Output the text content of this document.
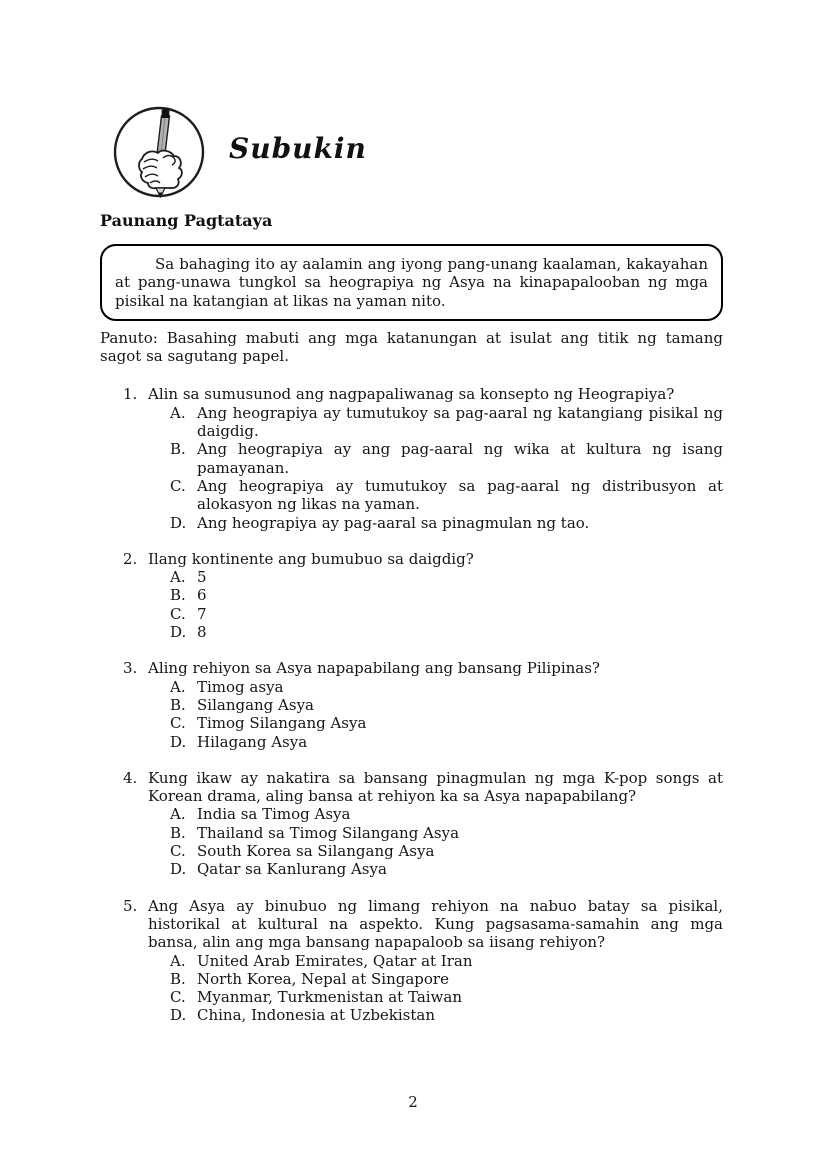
Subukin
Paunang Pagtataya

Sa bahaging ito ay aalamin ang iyong pang-unang kaalaman, kakayahan at pang-unawa tungkol sa heograpiya ng Asya na kinapapalooban ng mga pisikal na katangian at likas na yaman nito.

Panuto: Basahing mabuti ang mga katanungan at isulat ang titik ng tamang sagot sa sagutang papel.

1. Alin sa sumusunod ang nagpapaliwanag sa konsepto ng Heograpiya?
A. Ang heograpiya ay tumutukoy sa pag-aaral ng katangiang pisikal ng daigdig.
B. Ang heograpiya ay ang pag-aaral ng wika at kultura ng isang pamayanan.
C. Ang heograpiya ay tumutukoy sa pag-aaral ng distribusyon at alokasyon ng likas na yaman.
D. Ang heograpiya ay pag-aaral sa pinagmulan ng tao.
2. Ilang kontinente ang bumubuo sa daigdig?
A. 5
B. 6
C. 7
D. 8
3. Aling rehiyon sa Asya napapabilang ang bansang Pilipinas?
A. Timog asya
B. Silangang Asya
C. Timog Silangang Asya
D. Hilagang Asya
4. Kung ikaw ay nakatira sa bansang pinagmulan ng mga K-pop songs at Korean drama, aling bansa at rehiyon ka sa Asya napapabilang?
A. India sa Timog Asya
B. Thailand sa Timog Silangang Asya
C. South Korea sa Silangang Asya
D. Qatar sa Kanlurang Asya
5. Ang Asya ay binubuo ng limang rehiyon na nabuo batay sa pisikal, historikal at kultural na aspekto. Kung pagsasama-samahin ang mga bansa, alin ang mga bansang napapaloob sa iisang rehiyon?
A. United Arab Emirates, Qatar at Iran
B. North Korea, Nepal at Singapore
C. Myanmar, Turkmenistan at Taiwan
D. China, Indonesia at Uzbekistan
2
